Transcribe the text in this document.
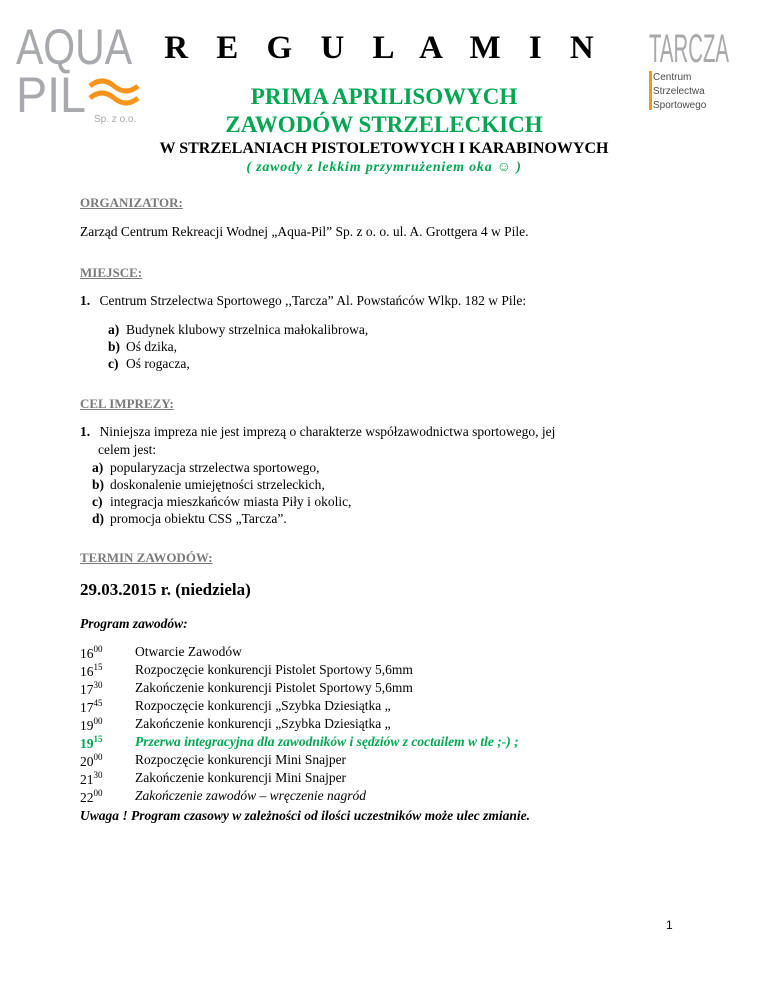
AQUA
PIL Sp. z o.o.
TARCZA
Centrum
Strzelectwa
Sportowego
R E G U L A M I N
PRIMA APRILISOWYCH
ZAWODÓW STRZELECKICH
W STRZELANIACH PISTOLETOWYCH I KARABINOWYCH
( zawody z lekkim przymrużeniem oka ☺ )
ORGANIZATOR:
Zarząd Centrum Rekreacji Wodnej „Aqua-Pil” Sp. z o. o. ul. A. Grottgera 4 w Pile.
MIEJSCE:
1. Centrum Strzelectwa Sportowego ,,Tarcza” Al. Powstańców Wlkp. 182 w Pile:
a) Budynek klubowy strzelnica małokalibrowa,
b) Oś dzika,
c) Oś rogacza,
CEL IMPREZY:
1. Niniejsza impreza nie jest imprezą o charakterze współzawodnictwa sportowego, jej
celem jest:
a) popularyzacja strzelectwa sportowego,
b) doskonalenie umiejętności strzeleckich,
c) integracja mieszkańców miasta Piły i okolic,
d) promocja obiektu CSS „Tarcza”.
TERMIN ZAWODÓW:
29.03.2015 r. (niedziela)
Program zawodów:
$16^{00}$	Otwarcie Zawodów
$16^{15}$	Rozpoczęcie konkurencji Pistolet Sportowy 5,6mm
$17^{30}$	Zakończenie konkurencji Pistolet Sportowy 5,6mm
$17^{45}$	Rozpoczęcie konkurencji „Szybka Dziesiątka „
$19^{00}$	Zakończenie konkurencji „Szybka Dziesiątka „
$19^{15}$	Przerwa integracyjna dla zawodników i sędziów z coctailem w tle ;-) ;
$20^{00}$	Rozpoczęcie konkurencji Mini Snajper
$21^{30}$	Zakończenie konkurencji Mini Snajper
$22^{00}$	Zakończenie zawodów – wręczenie nagród
Uwaga ! Program czasowy w zależności od ilości uczestników może ulec zmianie.
1
